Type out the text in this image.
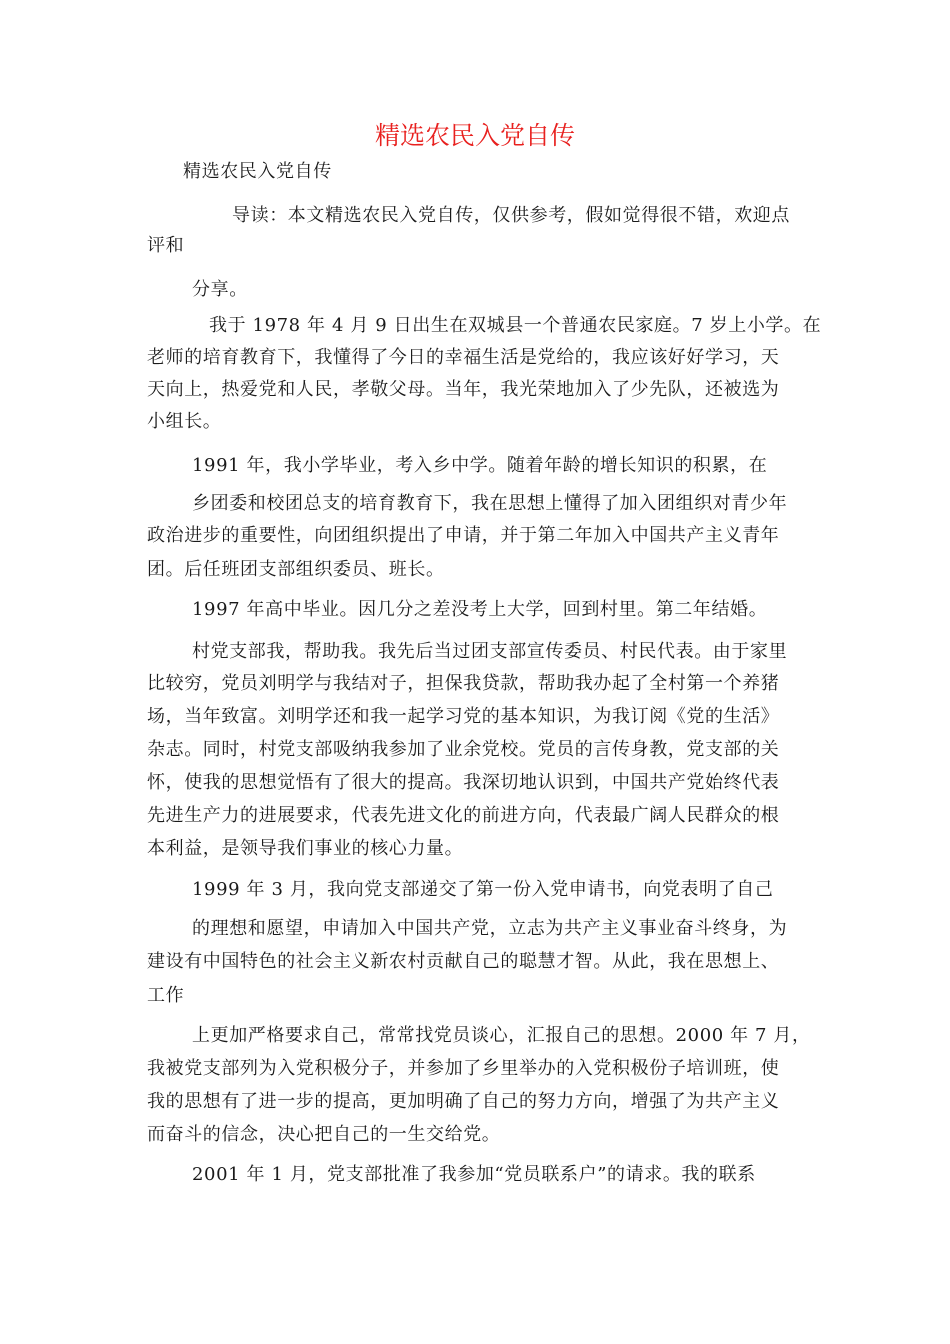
精选农民入党自传
精选农民入党自传
导读：本文精选农民入党自传，仅供参考，假如觉得很不错，欢迎点
评和
分享。
我于 1978 年 4 月 9 日出生在双城县一个普通农民家庭。7 岁上小学。在
老师的培育教育下，我懂得了今日的幸福生活是党给的，我应该好好学习，天
天向上，热爱党和人民，孝敬父母。当年，我光荣地加入了少先队，还被选为
小组长。
1991 年，我小学毕业，考入乡中学。随着年龄的增长知识的积累，在
乡团委和校团总支的培育教育下，我在思想上懂得了加入团组织对青少年
政治进步的重要性，向团组织提出了申请，并于第二年加入中国共产主义青年
团。后任班团支部组织委员、班长。
1997 年高中毕业。因几分之差没考上大学，回到村里。第二年结婚。
村党支部我，帮助我。我先后当过团支部宣传委员、村民代表。由于家里
比较穷，党员刘明学与我结对子，担保我贷款，帮助我办起了全村第一个养猪
场，当年致富。刘明学还和我一起学习党的基本知识，为我订阅《党的生活》
杂志。同时，村党支部吸纳我参加了业余党校。党员的言传身教，党支部的关
怀，使我的思想觉悟有了很大的提高。我深切地认识到，中国共产党始终代表
先进生产力的进展要求，代表先进文化的前进方向，代表最广阔人民群众的根
本利益，是领导我们事业的核心力量。
1999 年 3 月，我向党支部递交了第一份入党申请书，向党表明了自己
的理想和愿望，申请加入中国共产党，立志为共产主义事业奋斗终身，为
建设有中国特色的社会主义新农村贡献自己的聪慧才智。从此，我在思想上、
工作
上更加严格要求自己，常常找党员谈心，汇报自己的思想。2000 年 7 月，
我被党支部列为入党积极分子，并参加了乡里举办的入党积极份子培训班，使
我的思想有了进一步的提高，更加明确了自己的努力方向，增强了为共产主义
而奋斗的信念，决心把自己的一生交给党。
2001 年 1 月，党支部批准了我参加“党员联系户”的请求。我的联系
